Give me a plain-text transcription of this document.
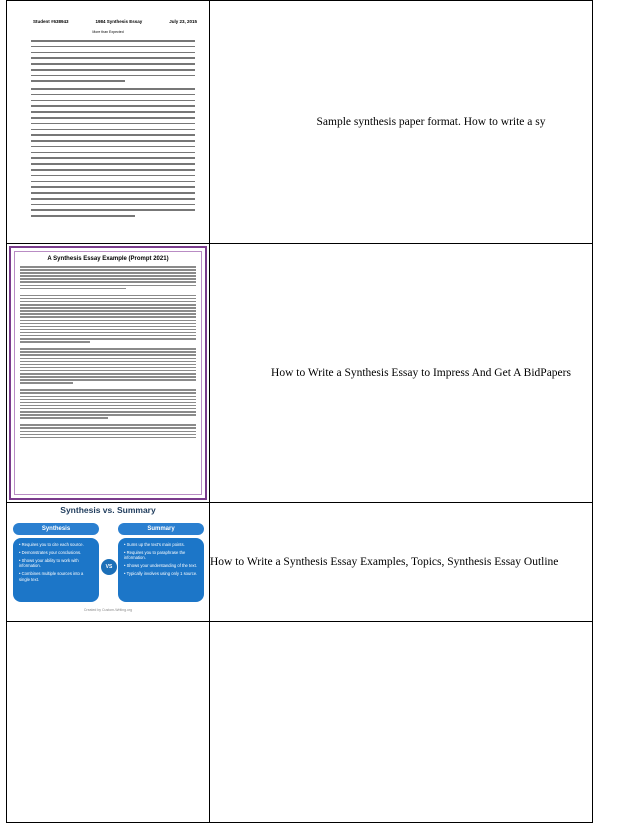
Student #638943	1984 Synthesis Essay	July 23, 2015
More than Expected
Sample synthesis paper format. How to write a sy
A Synthesis Essay Example (Prompt 2021)
How to Write a Synthesis Essay to Impress And Get A BidPapers
Synthesis vs. Summary
Synthesis
• Requires you to cite each source.
• Demonstrates your conclusions.
• Shows your ability to work with information.
• Combines multiple sources into a single text.
VS
Summary
• Sums up the text's main points.
• Requires you to paraphrase the information.
• Shows your understanding of the text.
• Typically involves using only 1 source.
Created by Custom-Writing.org
How to Write a Synthesis Essay Examples, Topics, Synthesis Essay Outline
